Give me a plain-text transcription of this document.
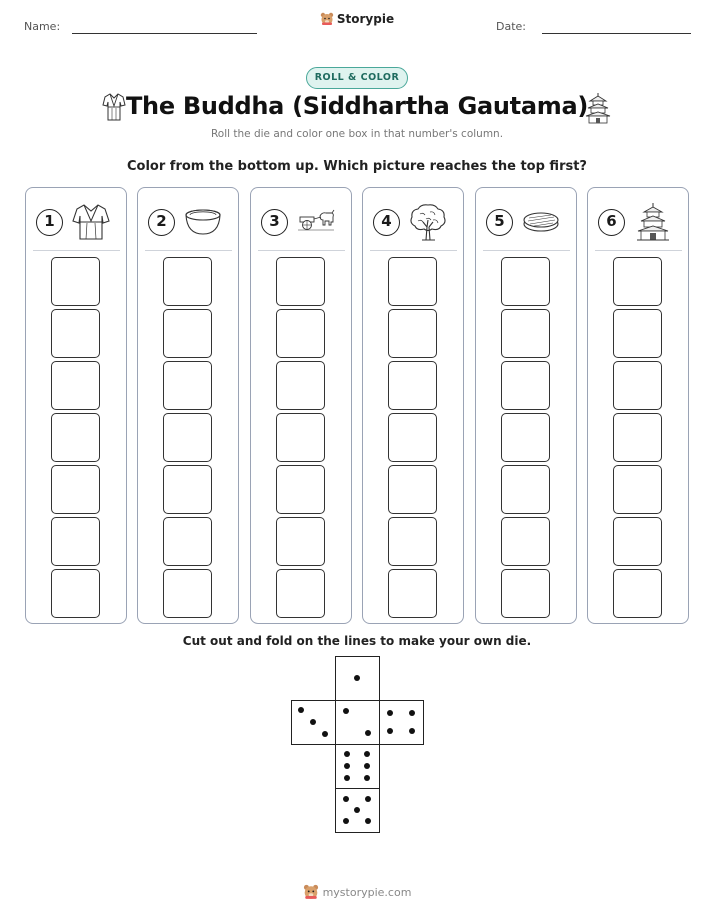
Name:
Storypie
Date:
ROLL & COLOR
The Buddha (Siddhartha Gautama)
Roll the die and color one box in that number's column.
Color from the bottom up. Which picture reaches the top first?
1	2	3	4	5	6
Cut out and fold on the lines to make your own die.
mystorypie.com
